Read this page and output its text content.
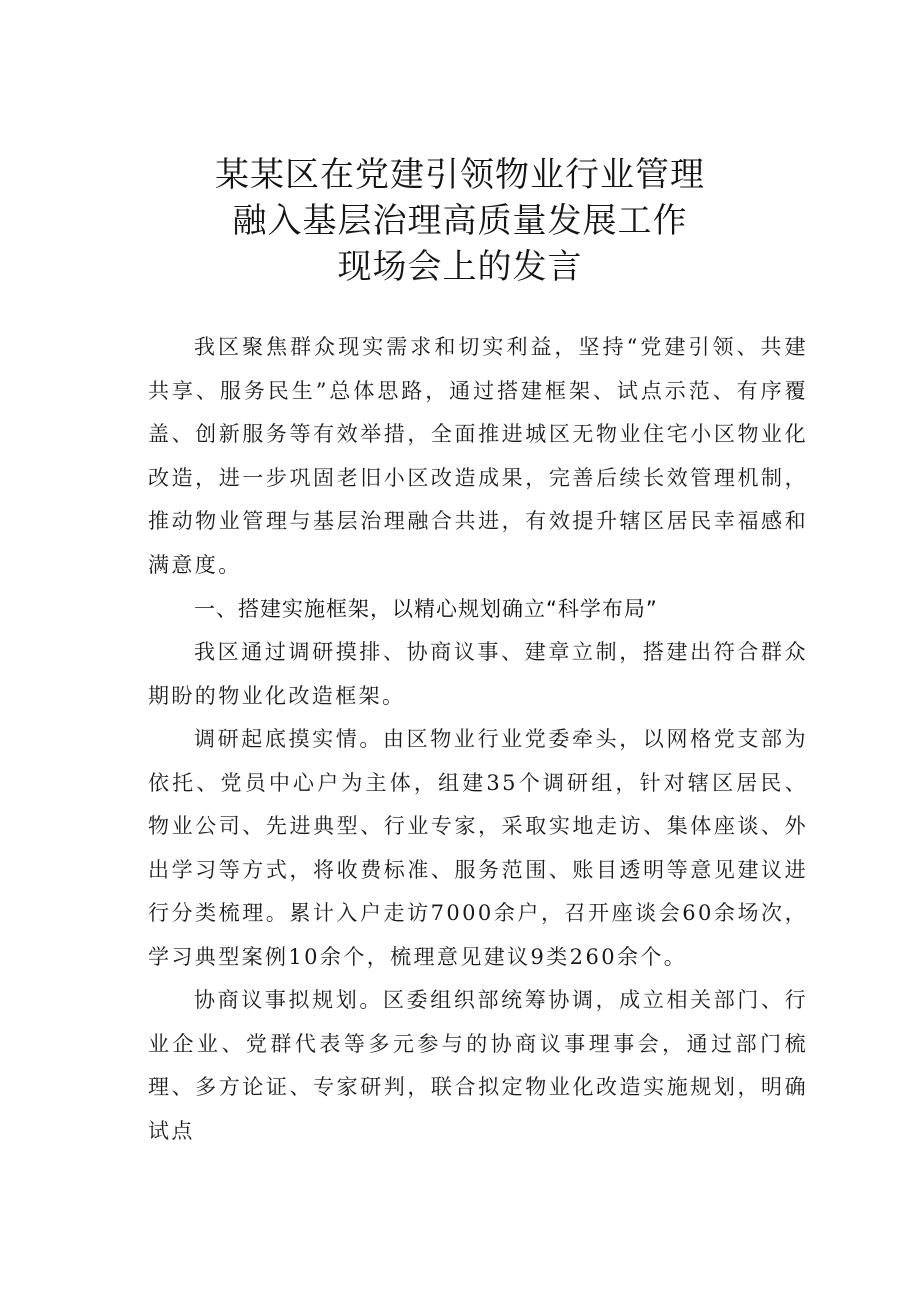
某某区在党建引领物业行业管理
融入基层治理高质量发展工作
现场会上的发言

我区聚焦群众现实需求和切实利益，坚持“党建引领、共建共享、服务民生”总体思路，通过搭建框架、试点示范、有序覆盖、创新服务等有效举措，全面推进城区无物业住宅小区物业化改造，进一步巩固老旧小区改造成果，完善后续长效管理机制，推动物业管理与基层治理融合共进，有效提升辖区居民幸福感和满意度。

一、搭建实施框架，以精心规划确立“科学布局”

我区通过调研摸排、协商议事、建章立制，搭建出符合群众期盼的物业化改造框架。

调研起底摸实情。由区物业行业党委牵头，以网格党支部为依托、党员中心户为主体，组建35个调研组，针对辖区居民、物业公司、先进典型、行业专家，采取实地走访、集体座谈、外出学习等方式，将收费标准、服务范围、账目透明等意见建议进行分类梳理。累计入户走访7000余户，召开座谈会60余场次，学习典型案例10余个，梳理意见建议9类260余个。

协商议事拟规划。区委组织部统筹协调，成立相关部门、行业企业、党群代表等多元参与的协商议事理事会，通过部门梳理、多方论证、专家研判，联合拟定物业化改造实施规划，明确试点
